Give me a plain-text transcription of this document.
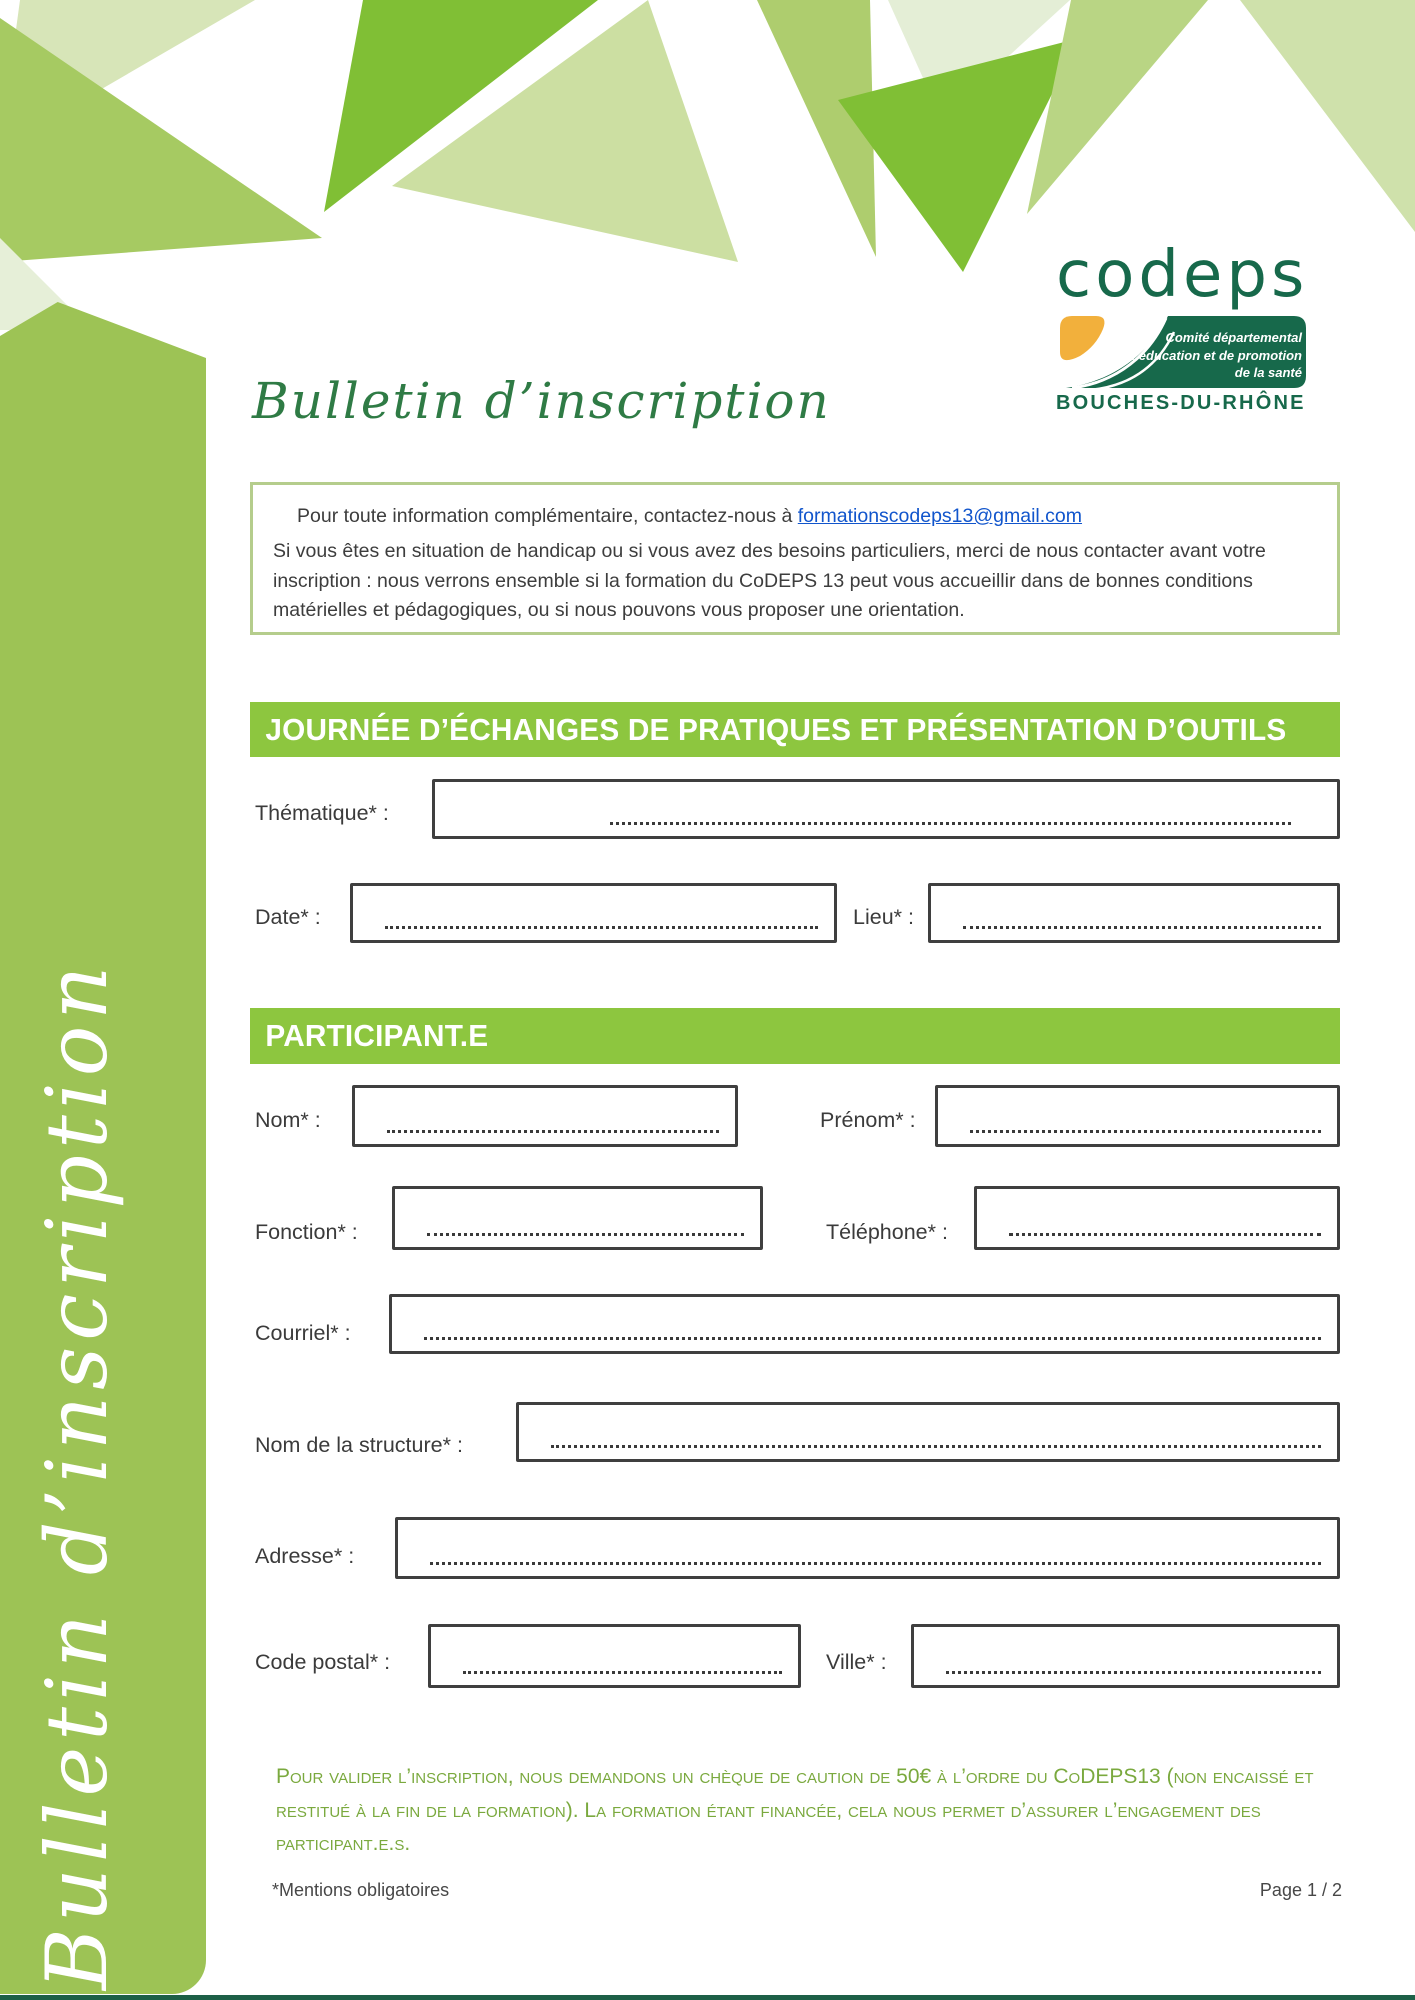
Bulletin d’inscription
codeps
Comité départemental
d’éducation et de promotion
de la santé
BOUCHES-DU-RHÔNE
Bulletin d’inscription
Pour toute information complémentaire, contactez-nous à formationscodeps13@gmail.com

Si vous êtes en situation de handicap ou si vous avez des besoins particuliers, merci de nous contacter avant votre inscription : nous verrons ensemble si la formation du CoDEPS 13 peut vous accueillir dans de bonnes conditions matérielles et pédagogiques, ou si nous pouvons vous proposer une orientation.

JOURNÉE D’ÉCHANGES DE PRATIQUES ET PRÉSENTATION D’OUTILS
Thématique* :
Date* :	Lieu* :
PARTICIPANT.E
Nom* :	Prénom* :
Fonction* :	Téléphone* :
Courriel* :
Nom de la structure* :
Adresse* :
Code postal* :	Ville* :
Pour valider l’inscription, nous demandons un chèque de caution de 50€ à l’ordre du CoDEPS13 (non encaissé et restitué à la fin de la formation). La formation étant financée, cela nous permet d’assurer l’engagement des participant.e.s.
*Mentions obligatoires	Page 1 / 2
